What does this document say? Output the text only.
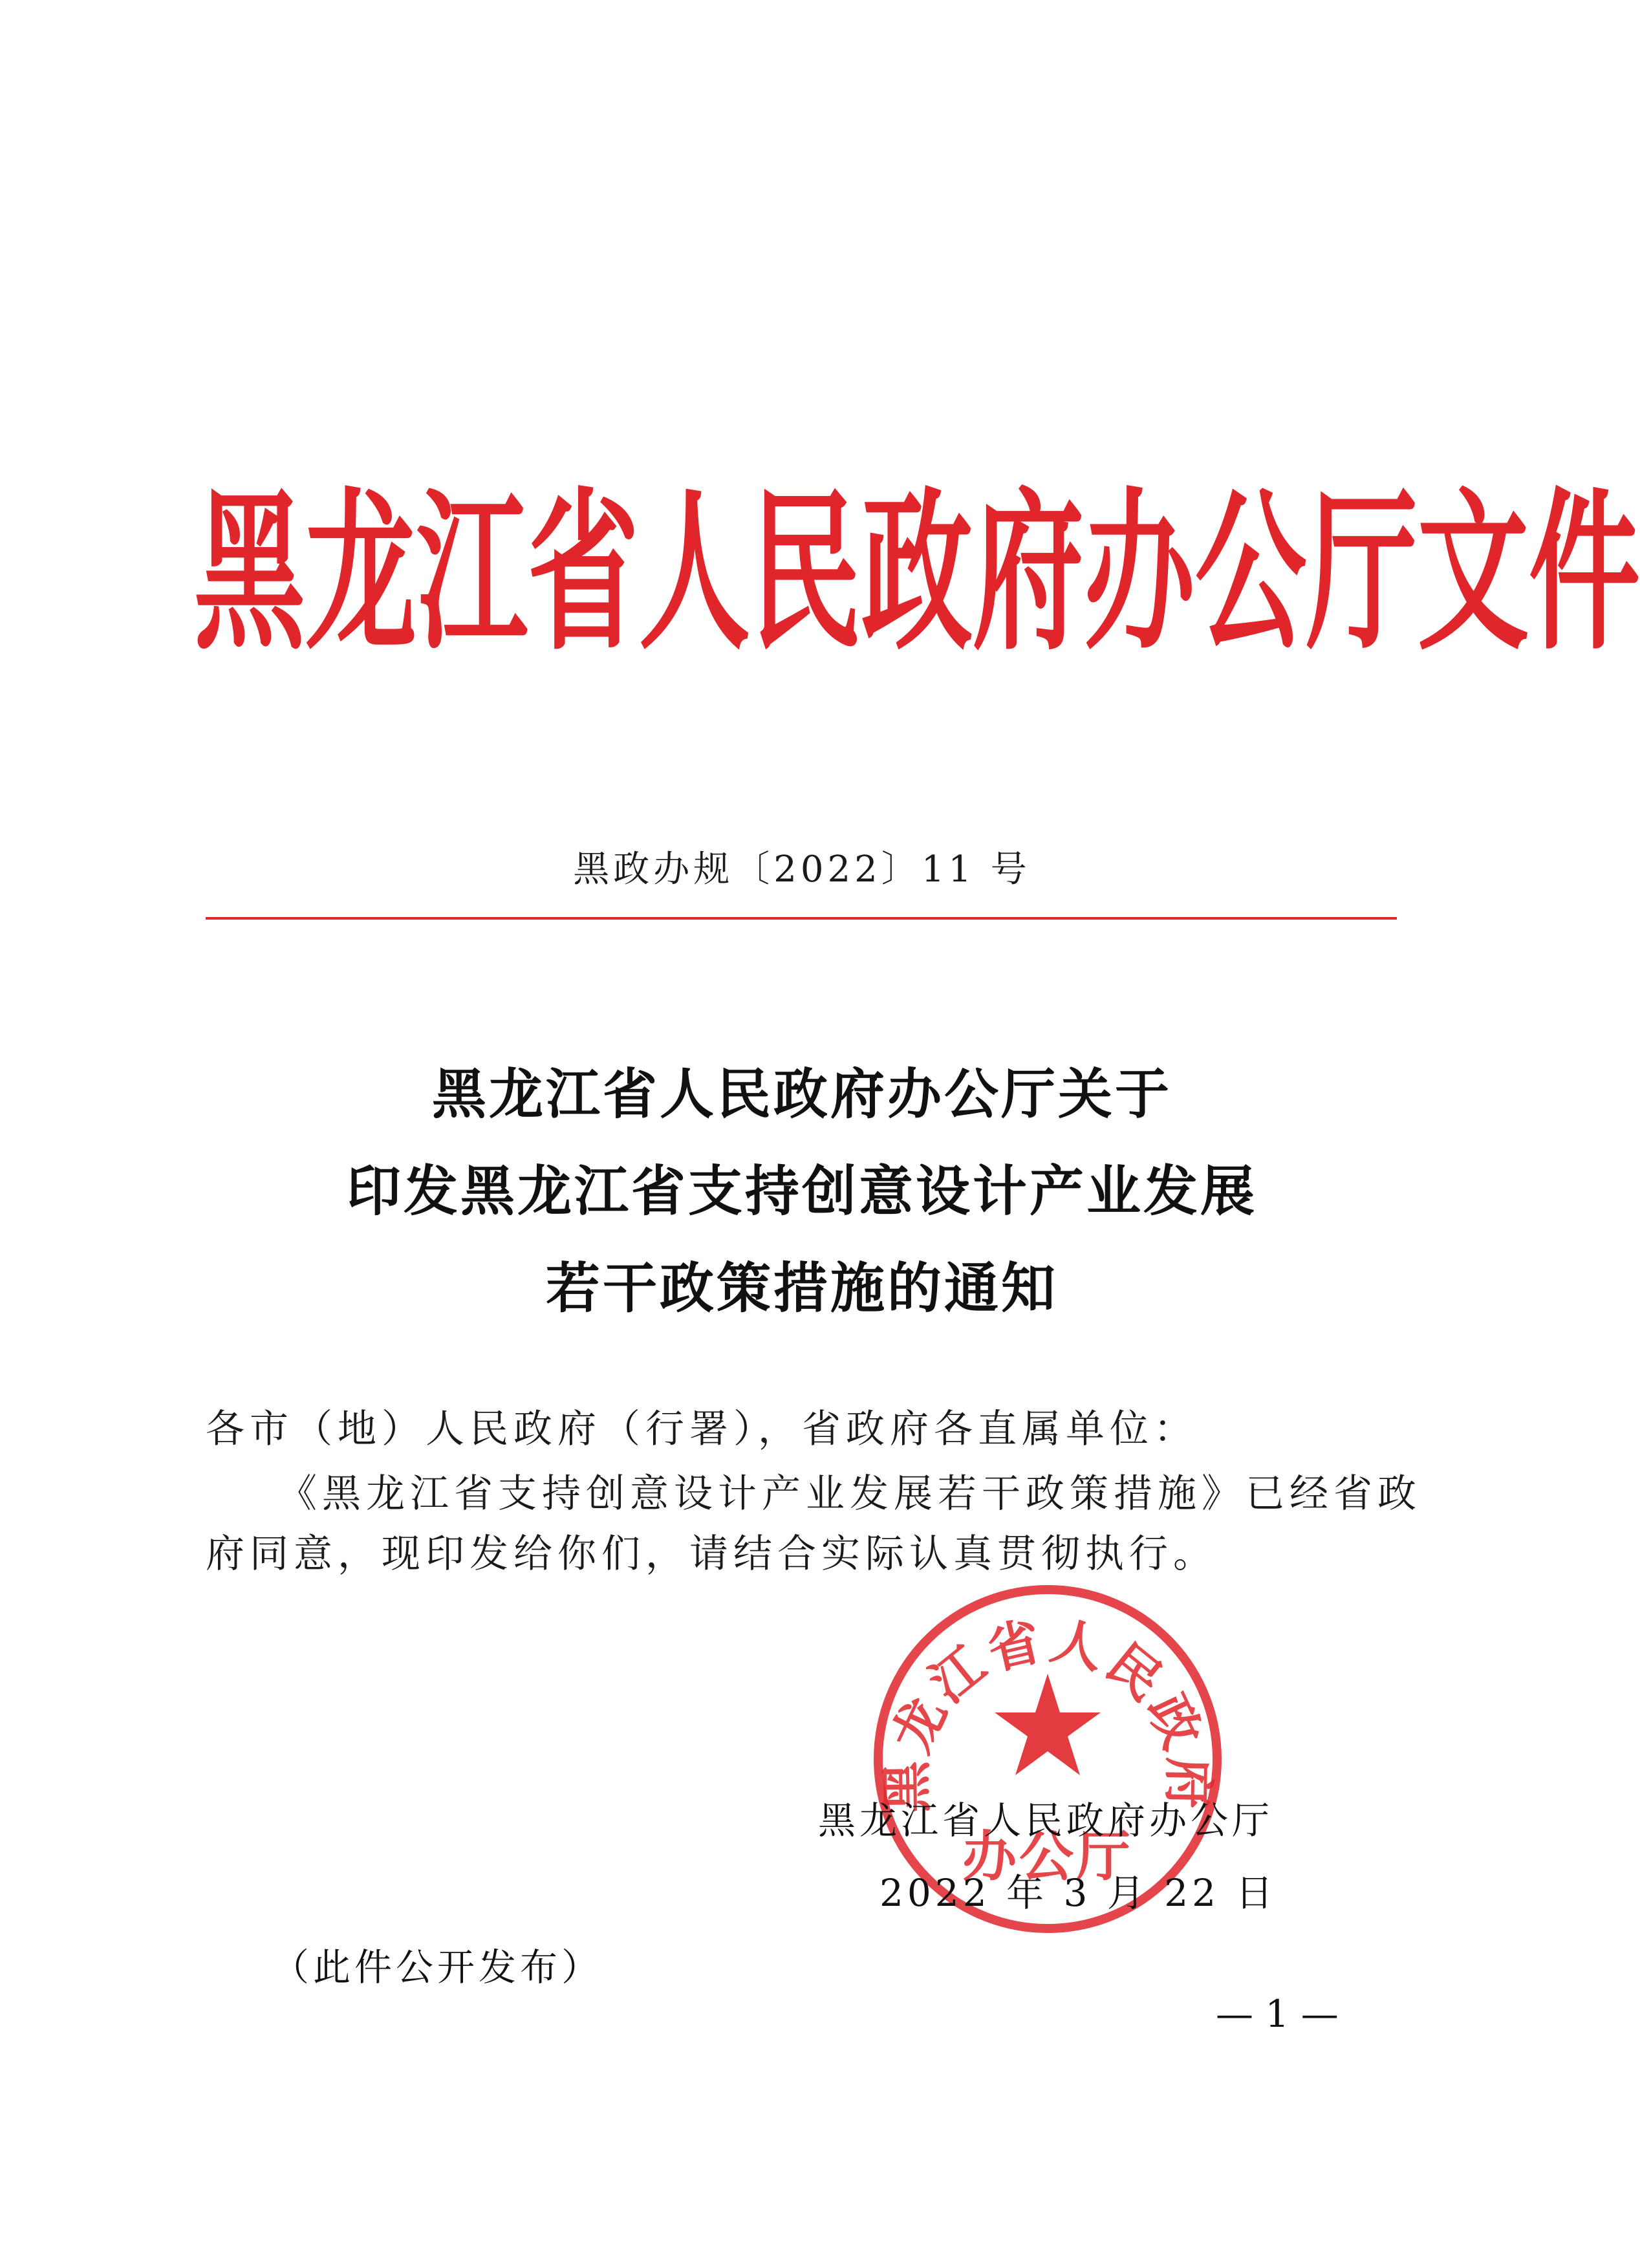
黑 龙 江 省 人 民 政 府 办 公 厅 文 件
黑政办规〔2022〕11 号
黑龙江省人民政府办公厅关于
印发黑龙江省支持创意设计产业发展
若干政策措施的通知
各市（地）人民政府（行署），省政府各直属单位：
《黑龙江省支持创意设计产业发展若干政策措施》已经省政
府同意，现印发给你们，请结合实际认真贯彻执行。
黑龙江省人民政府
办公厅
黑龙江省人民政府办公厅
2022 年 3 月 22 日
（此件公开发布）
— 1 —
